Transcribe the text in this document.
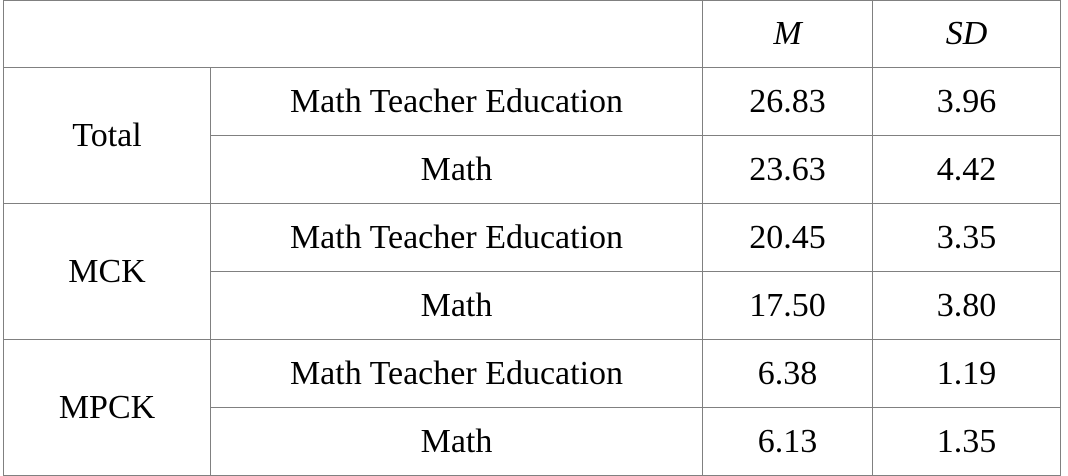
		M	SD
Total	Math Teacher Education	26.83	3.96
	Math	23.63	4.42
MCK	Math Teacher Education	20.45	3.35
	Math	17.50	3.80
MPCK	Math Teacher Education	6.38	1.19
	Math	6.13	1.35
